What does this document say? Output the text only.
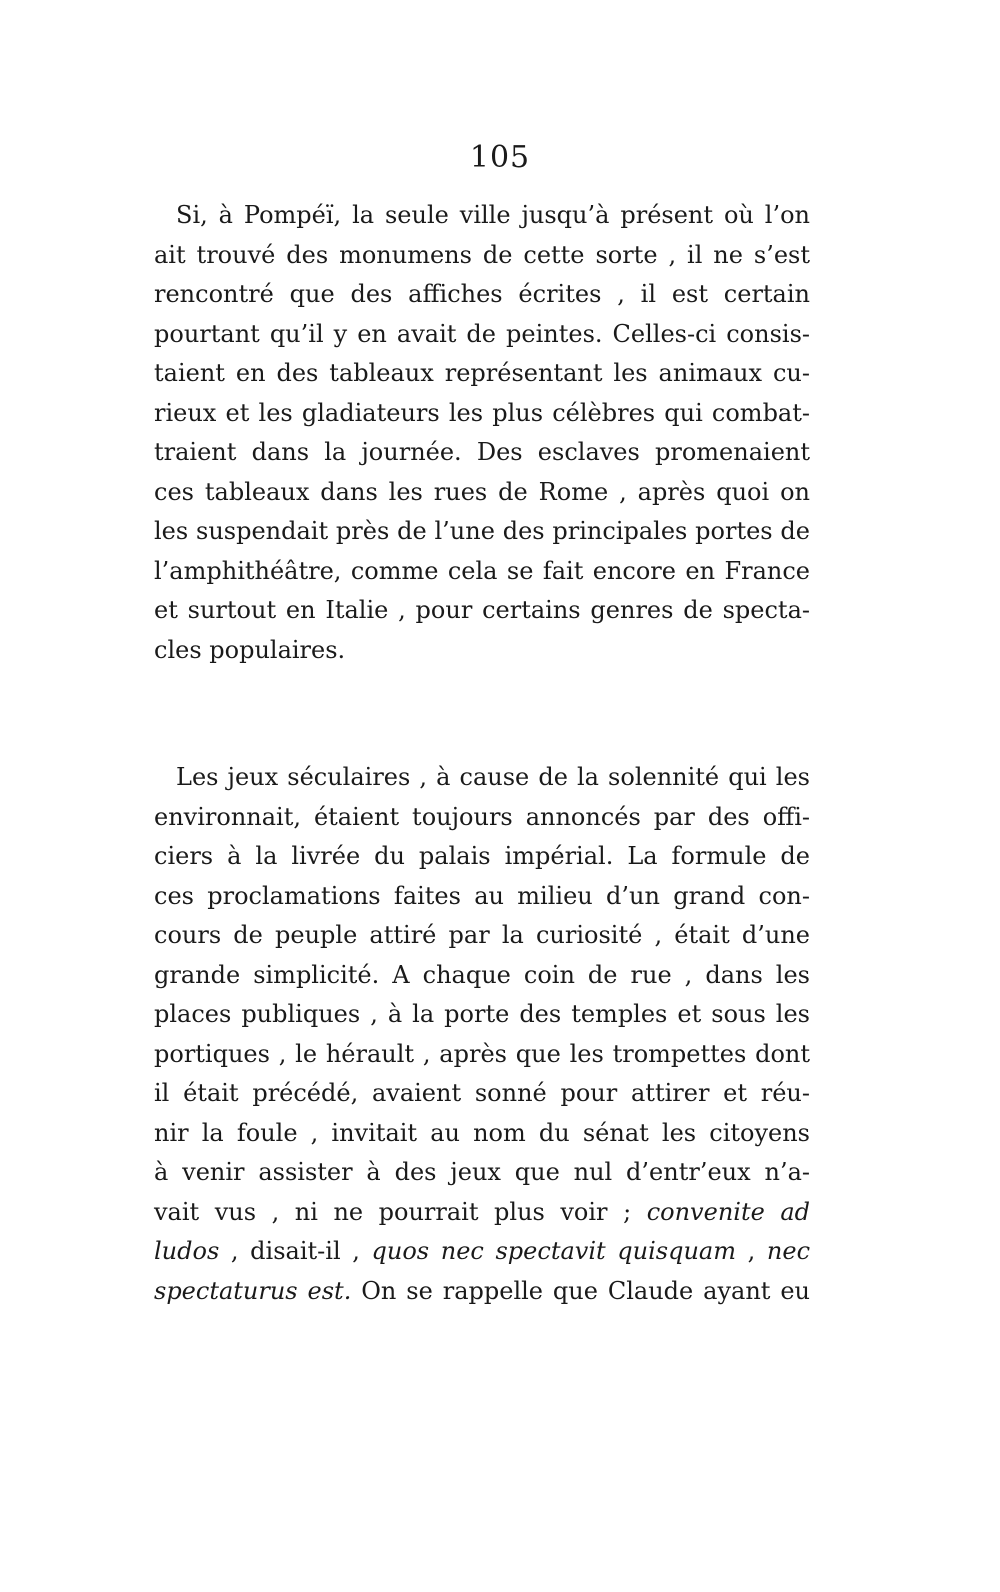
105
Si, à Pompéï, la seule ville jusqu’à présent où l’on
ait trouvé des monumens de cette sorte , il ne s’est
rencontré que des affiches écrites , il est certain
pourtant qu’il y en avait de peintes. Celles-ci consis-
taient en des tableaux représentant les animaux cu-
rieux et les gladiateurs les plus célèbres qui combat-
traient dans la journée. Des esclaves promenaient
ces tableaux dans les rues de Rome , après quoi on
les suspendait près de l’une des principales portes de
l’amphithéâtre, comme cela se fait encore en France
et surtout en Italie , pour certains genres de specta-
cles populaires.
Les jeux séculaires , à cause de la solennité qui les
environnait, étaient toujours annoncés par des offi-
ciers à la livrée du palais impérial. La formule de
ces proclamations faites au milieu d’un grand con-
cours de peuple attiré par la curiosité , était d’une
grande simplicité. A chaque coin de rue , dans les
places publiques , à la porte des temples et sous les
portiques , le hérault , après que les trompettes dont
il était précédé, avaient sonné pour attirer et réu-
nir la foule , invitait au nom du sénat les citoyens
à venir assister à des jeux que nul d’entr’eux n’a-
vait vus , ni ne pourrait plus voir ; convenite ad
ludos , disait-il , quos nec spectavit quisquam , nec
spectaturus est. On se rappelle que Claude ayant eu
